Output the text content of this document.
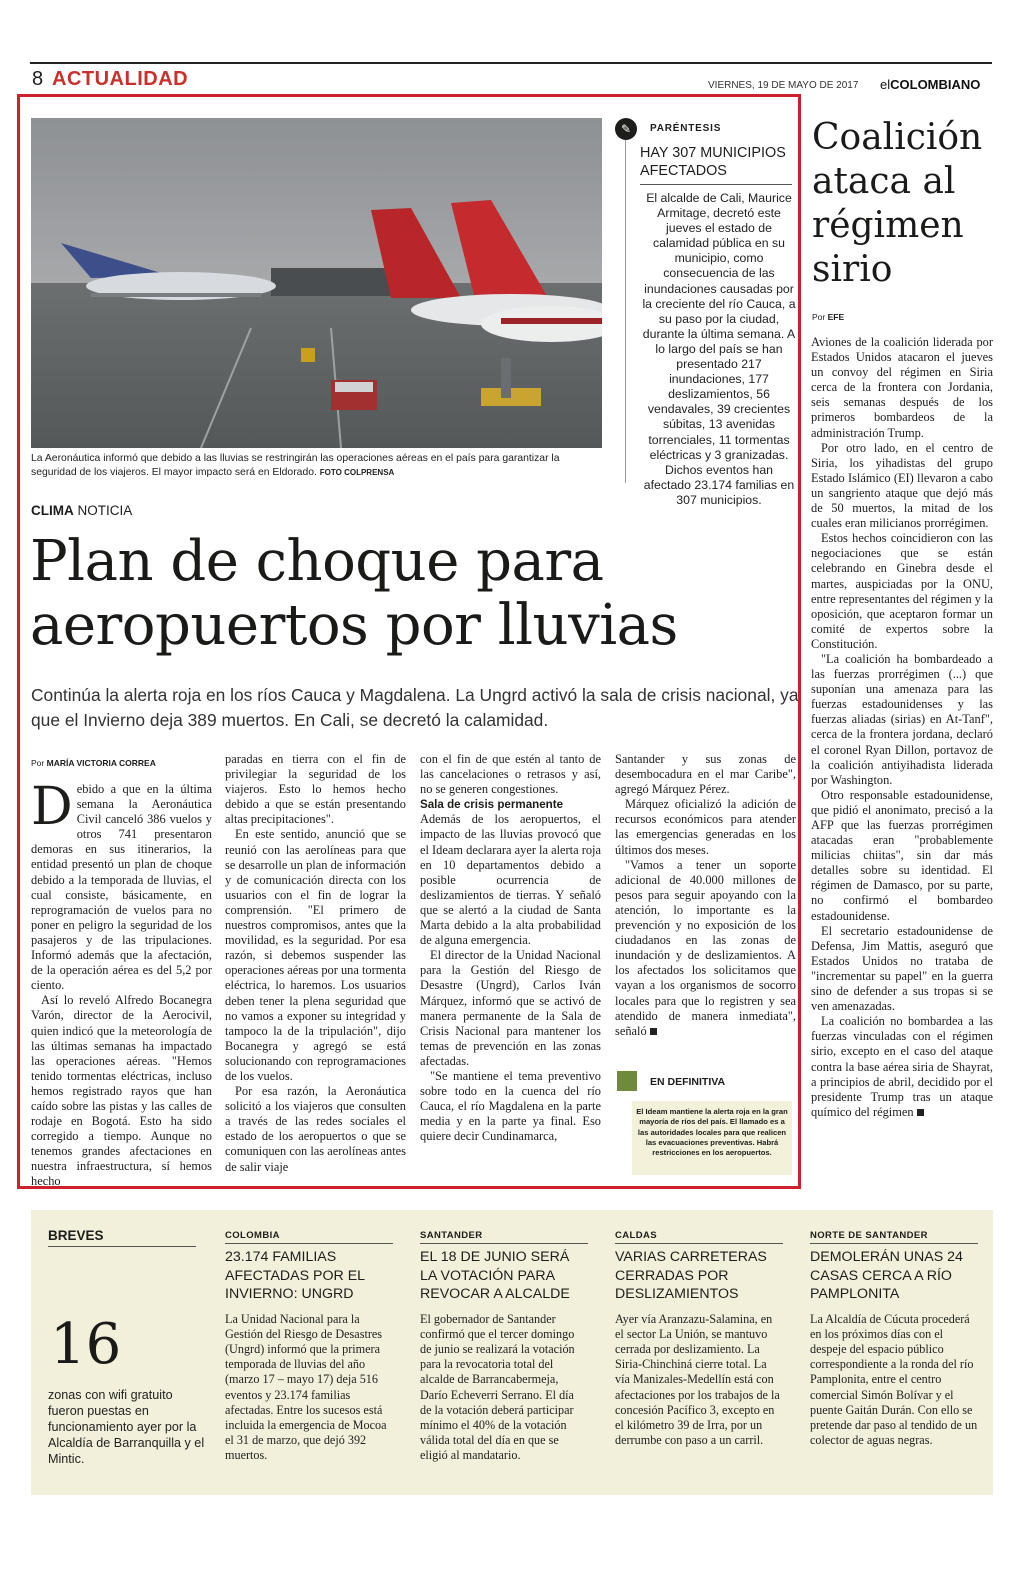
8 ACTUALIDAD	VIERNES, 19 DE MAYO DE 2017 elCOLOMBIANO
La Aeronáutica informó que debido a las lluvias se restringirán las operaciones aéreas en el país para garantizar la seguridad de los viajeros. El mayor impacto será en Eldorado. FOTO COLPRENSA
✎	PARÉNTESIS
HAY 307 MUNICIPIOS AFECTADOS
El alcalde de Cali, Maurice Armitage, decretó este jueves el estado de calamidad pública en su municipio, como consecuencia de las inundaciones causadas por la creciente del río Cauca, a su paso por la ciudad, durante la última semana. A lo largo del país se han presentado 217 inundaciones, 177 deslizamientos, 56 vendavales, 39 crecientes súbitas, 13 avenidas torrenciales, 11 tormentas eléctricas y 3 granizadas. Dichos eventos han afectado 23.174 familias en 307 municipios.
CLIMA NOTICIA
Plan de choque para aeropuertos por lluvias
Continúa la alerta roja en los ríos Cauca y Magdalena. La Ungrd activó la sala de crisis nacional, ya que el Invierno deja 389 muertos. En Cali, se decretó la calamidad.
Por MARÍA VICTORIA CORREA

Debido a que en la última semana la Aeronáutica Civil canceló 386 vuelos y otros 741 presentaron demoras en sus itinerarios, la entidad presentó un plan de choque debido a la temporada de lluvias, el cual consiste, básicamente, en reprogramación de vuelos para no poner en peligro la seguridad de los pasajeros y de las tripulaciones. Informó además que la afectación, de la operación aérea es del 5,2 por ciento.

Así lo reveló Alfredo Bocanegra Varón, director de la Aerocivil, quien indicó que la meteorología de las últimas semanas ha impactado las operaciones aéreas. "Hemos tenido tormentas eléctricas, incluso hemos registrado rayos que han caído sobre las pistas y las calles de rodaje en Bogotá. Esto ha sido corregido a tiempo. Aunque no tenemos grandes afectaciones en nuestra infraestructura, sí hemos hecho

paradas en tierra con el fin de privilegiar la seguridad de los viajeros. Esto lo hemos hecho debido a que se están presentando altas precipitaciones".

En este sentido, anunció que se reunió con las aerolíneas para que se desarrolle un plan de información y de comunicación directa con los usuarios con el fin de lograr la comprensión. "El primero de nuestros compromisos, antes que la movilidad, es la seguridad. Por esa razón, si debemos suspender las operaciones aéreas por una tormenta eléctrica, lo haremos. Los usuarios deben tener la plena seguridad que no vamos a exponer su integridad y tampoco la de la tripulación", dijo Bocanegra y agregó se está solucionando con reprogramaciones de los vuelos.

Por esa razón, la Aeronáutica solicitó a los viajeros que consulten a través de las redes sociales el estado de los aeropuertos o que se comuniquen con las aerolíneas antes de salir viaje

con el fin de que estén al tanto de las cancelaciones o retrasos y así, no se generen congestiones.

Sala de crisis permanente

Además de los aeropuertos, el impacto de las lluvias provocó que el Ideam declarara ayer la alerta roja en 10 departamentos debido a posible ocurrencia de deslizamientos de tierras. Y señaló que se alertó a la ciudad de Santa Marta debido a la alta probabilidad de alguna emergencia.

El director de la Unidad Nacional para la Gestión del Riesgo de Desastre (Ungrd), Carlos Iván Márquez, informó que se activó de manera permanente de la Sala de Crisis Nacional para mantener los temas de prevención en las zonas afectadas.

"Se mantiene el tema preventivo sobre todo en la cuenca del río Cauca, el río Magdalena en la parte media y en la parte ya final. Eso quiere decir Cundinamarca,

Santander y sus zonas de desembocadura en el mar Caribe", agregó Márquez Pérez.

Márquez oficializó la adición de recursos económicos para atender las emergencias generadas en los últimos dos meses.

"Vamos a tener un soporte adicional de 40.000 millones de pesos para seguir apoyando con la atención, lo importante es la prevención y no exposición de los ciudadanos en las zonas de inundación y de deslizamientos. A los afectados los solicitamos que vayan a los organismos de socorro locales para que lo registren y sea atendido de manera inmediata", señaló

EN DEFINITIVA
El Ideam mantiene la alerta roja en la gran mayoría de ríos del país. El llamado es a las autoridades locales para que realicen las evacuaciones preventivas. Habrá restricciones en los aeropuertos.
Coalición ataca al régimen sirio
Por EFE

Aviones de la coalición liderada por Estados Unidos atacaron el jueves un convoy del régimen en Siria cerca de la frontera con Jordania, seis semanas después de los primeros bombardeos de la administración Trump.

Por otro lado, en el centro de Siria, los yihadistas del grupo Estado Islámico (EI) llevaron a cabo un sangriento ataque que dejó más de 50 muertos, la mitad de los cuales eran milicianos prorrégimen.

Estos hechos coincidieron con las negociaciones que se están celebrando en Ginebra desde el martes, auspiciadas por la ONU, entre representantes del régimen y la oposición, que aceptaron formar un comité de expertos sobre la Constitución.

"La coalición ha bombardeado a las fuerzas prorrégimen (...) que suponían una amenaza para las fuerzas estadounidenses y las fuerzas aliadas (sirias) en At-Tanf", cerca de la frontera jordana, declaró el coronel Ryan Dillon, portavoz de la coalición antiyihadista liderada por Washington.

Otro responsable estadounidense, que pidió el anonimato, precisó a la AFP que las fuerzas prorrégimen atacadas eran "probablemente milicias chiitas", sin dar más detalles sobre su identidad. El régimen de Damasco, por su parte, no confirmó el bombardeo estadounidense.

El secretario estadounidense de Defensa, Jim Mattis, aseguró que Estados Unidos no trataba de "incrementar su papel" en la guerra sino de defender a sus tropas si se ven amenazadas.

La coalición no bombardea a las fuerzas vinculadas con el régimen sirio, excepto en el caso del ataque contra la base aérea siria de Shayrat, a principios de abril, decidido por el presidente Trump tras un ataque químico del régimen

BREVES
16
zonas con wifi gratuito fueron puestas en funcionamiento ayer por la Alcaldía de Barranquilla y el Mintic.
COLOMBIA
23.174 FAMILIAS AFECTADAS POR EL INVIERNO: UNGRD
La Unidad Nacional para la Gestión del Riesgo de Desastres (Ungrd) informó que la primera temporada de lluvias del año (marzo 17 – mayo 17) deja 516 eventos y 23.174 familias afectadas. Entre los sucesos está incluida la emergencia de Mocoa el 31 de marzo, que dejó 392 muertos.
SANTANDER
EL 18 DE JUNIO SERÁ LA VOTACIÓN PARA REVOCAR A ALCALDE
El gobernador de Santander confirmó que el tercer domingo de junio se realizará la votación para la revocatoria total del alcalde de Barrancabermeja, Darío Echeverri Serrano. El día de la votación deberá participar mínimo el 40% de la votación válida total del día en que se eligió al mandatario.
CALDAS
VARIAS CARRETERAS CERRADAS POR DESLIZAMIENTOS
Ayer vía Aranzazu-Salamina, en el sector La Unión, se mantuvo cerrada por deslizamiento. La Siria-Chinchiná cierre total. La vía Manizales-Medellín está con afectaciones por los trabajos de la concesión Pacífico 3, excepto en el kilómetro 39 de Irra, por un derrumbe con paso a un carril.
NORTE DE SANTANDER
DEMOLERÁN UNAS 24 CASAS CERCA A RÍO PAMPLONITA
La Alcaldía de Cúcuta procederá en los próximos días con el despeje del espacio público correspondiente a la ronda del río Pamplonita, entre el centro comercial Simón Bolívar y el puente Gaitán Durán. Con ello se pretende dar paso al tendido de un colector de aguas negras.
